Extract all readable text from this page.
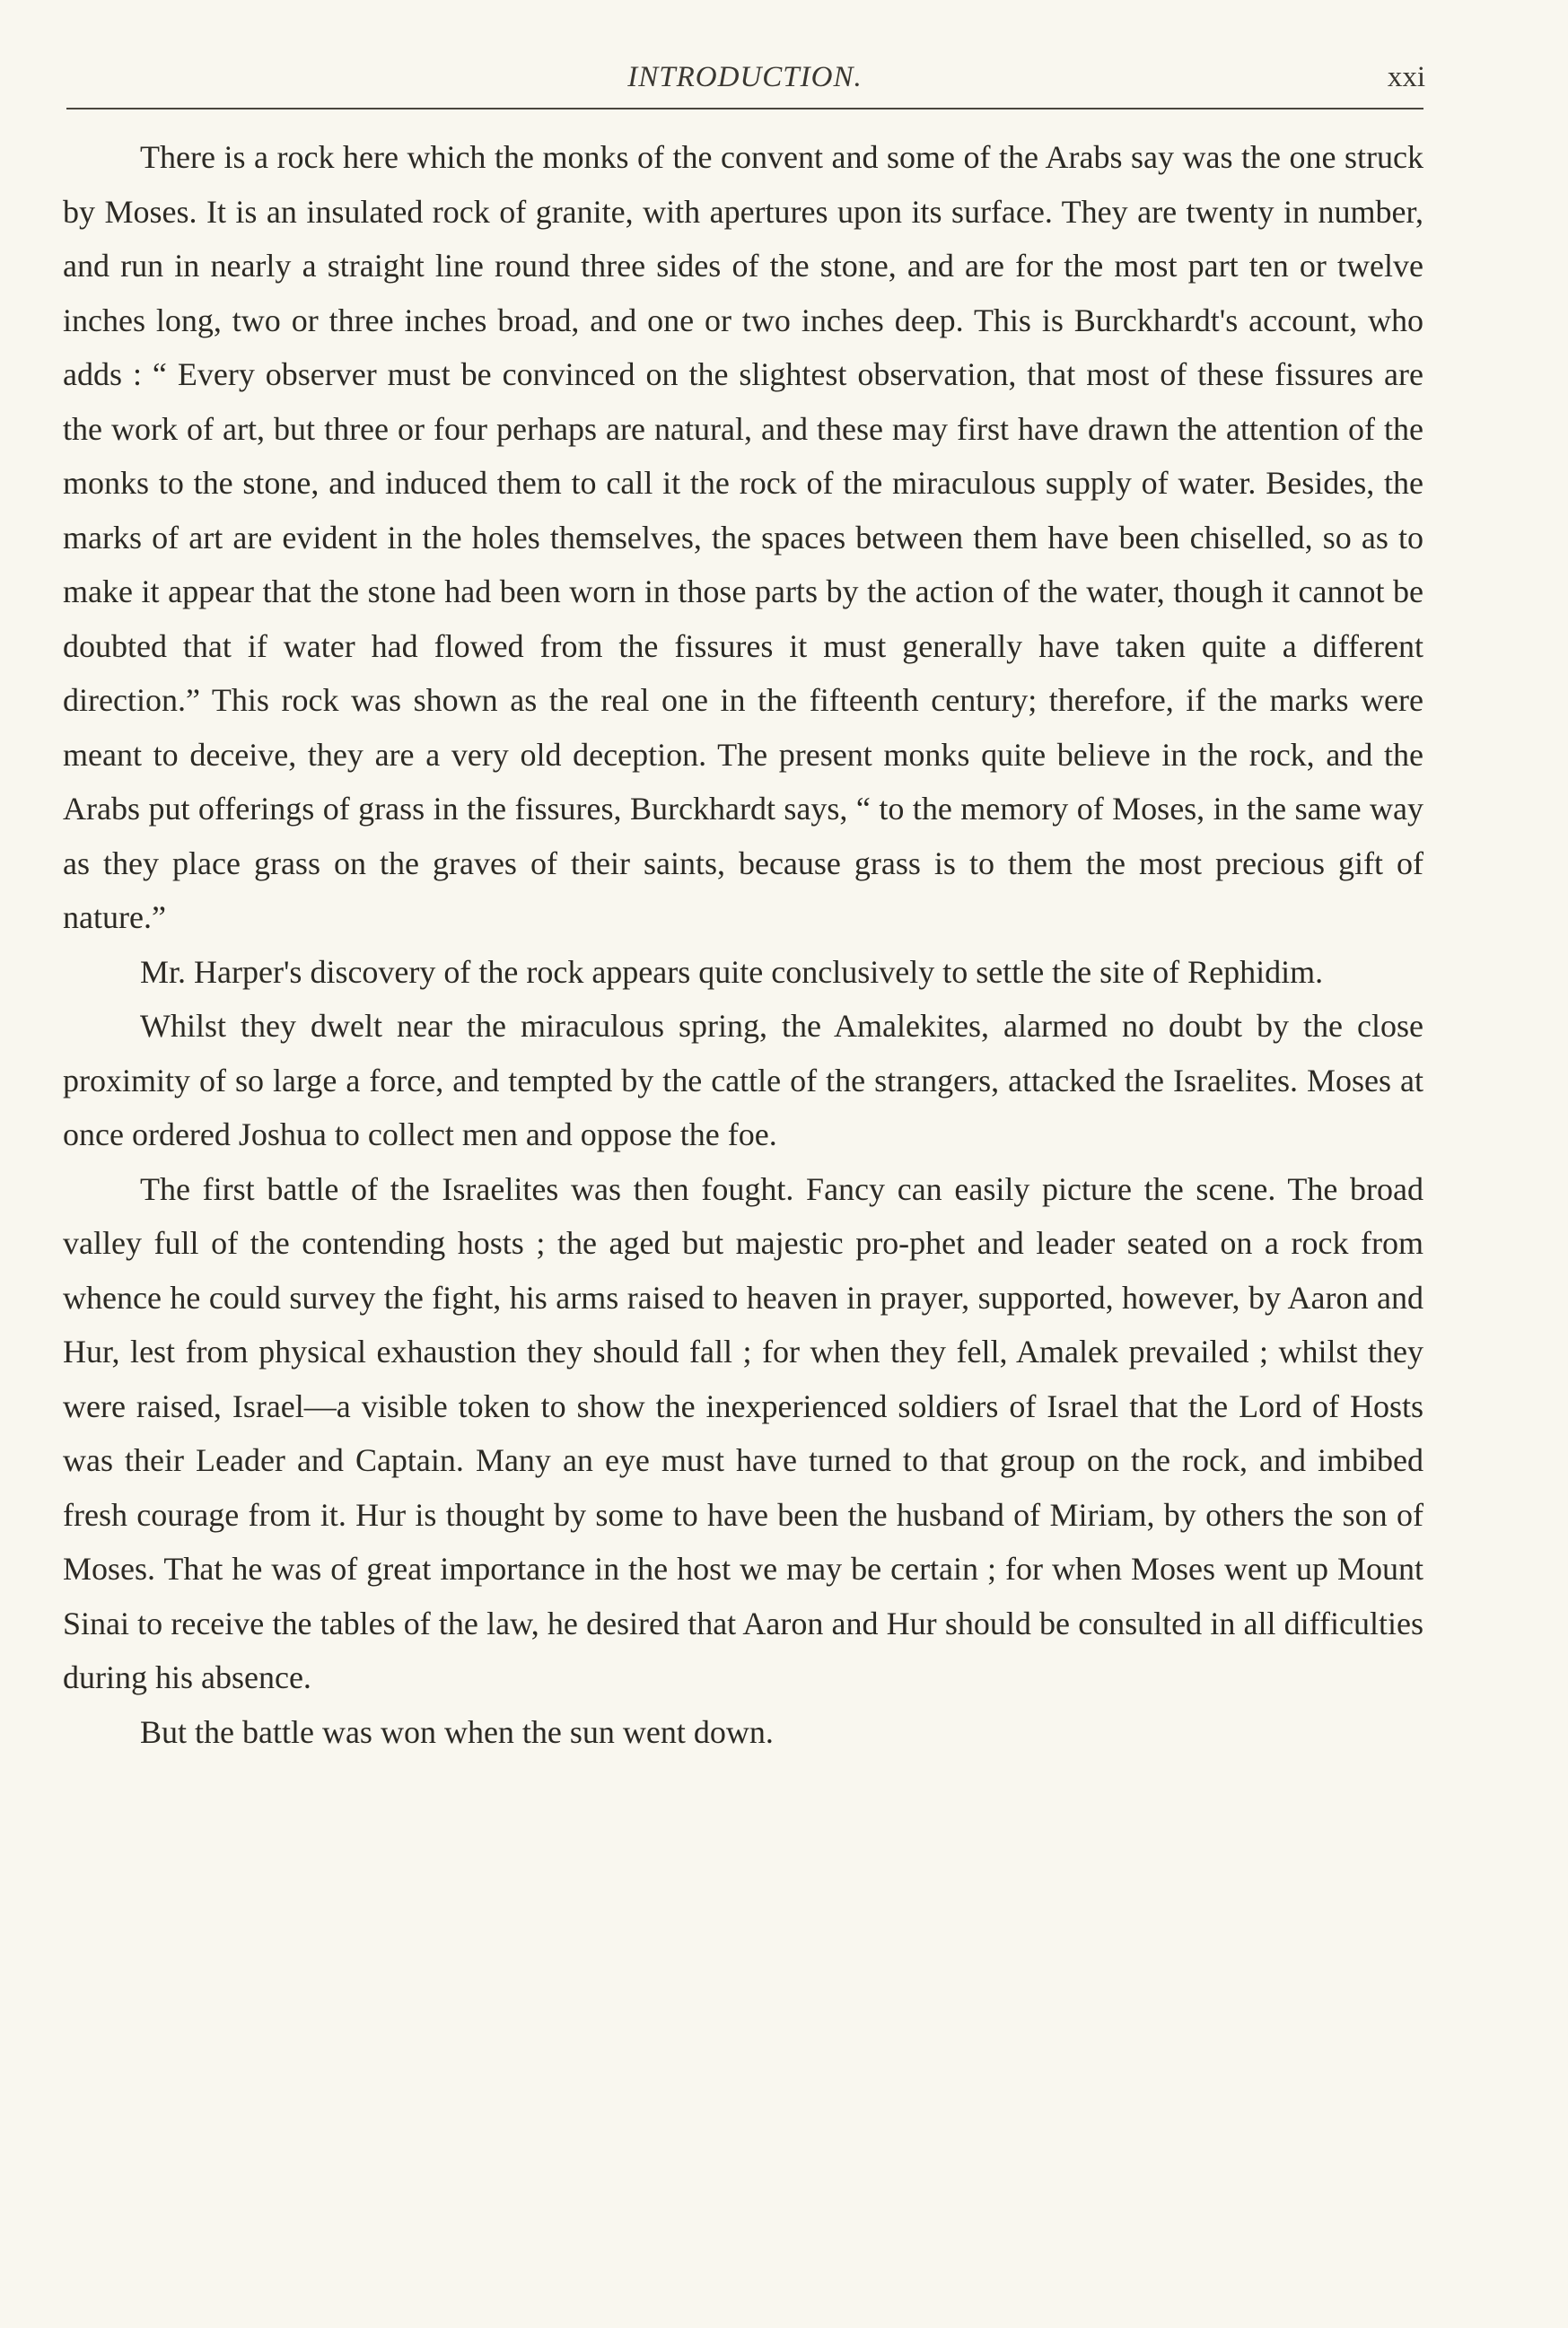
INTRODUCTION.	xxi

There is a rock here which the monks of the convent and some of the Arabs say was the one struck by Moses. It is an insulated rock of granite, with apertures upon its surface. They are twenty in number, and run in nearly a straight line round three sides of the stone, and are for the most part ten or twelve inches long, two or three inches broad, and one or two inches deep. This is Burckhardt's account, who adds : “ Every observer must be convinced on the slightest observation, that most of these fissures are the work of art, but three or four perhaps are natural, and these may first have drawn the attention of the monks to the stone, and induced them to call it the rock of the miraculous supply of water. Besides, the marks of art are evident in the holes themselves, the spaces between them have been chiselled, so as to make it appear that the stone had been worn in those parts by the action of the water, though it cannot be doubted that if water had flowed from the fissures it must generally have taken quite a different direction.” This rock was shown as the real one in the fifteenth century; therefore, if the marks were meant to deceive, they are a very old deception. The present monks quite believe in the rock, and the Arabs put offerings of grass in the fissures, Burckhardt says, “ to the memory of Moses, in the same way as they place grass on the graves of their saints, because grass is to them the most precious gift of nature.”

Mr. Harper's discovery of the rock appears quite conclusively to settle the site of Rephidim.

Whilst they dwelt near the miraculous spring, the Amalekites, alarmed no doubt by the close proximity of so large a force, and tempted by the cattle of the strangers, attacked the Israelites. Moses at once ordered Joshua to collect men and oppose the foe.

The first battle of the Israelites was then fought. Fancy can easily picture the scene. The broad valley full of the contending hosts ; the aged but majestic pro-phet and leader seated on a rock from whence he could survey the fight, his arms raised to heaven in prayer, supported, however, by Aaron and Hur, lest from physical exhaustion they should fall ; for when they fell, Amalek prevailed ; whilst they were raised, Israel—a visible token to show the inexperienced soldiers of Israel that the Lord of Hosts was their Leader and Captain. Many an eye must have turned to that group on the rock, and imbibed fresh courage from it. Hur is thought by some to have been the husband of Miriam, by others the son of Moses. That he was of great importance in the host we may be certain ; for when Moses went up Mount Sinai to receive the tables of the law, he desired that Aaron and Hur should be consulted in all difficulties during his absence.

But the battle was won when the sun went down.
